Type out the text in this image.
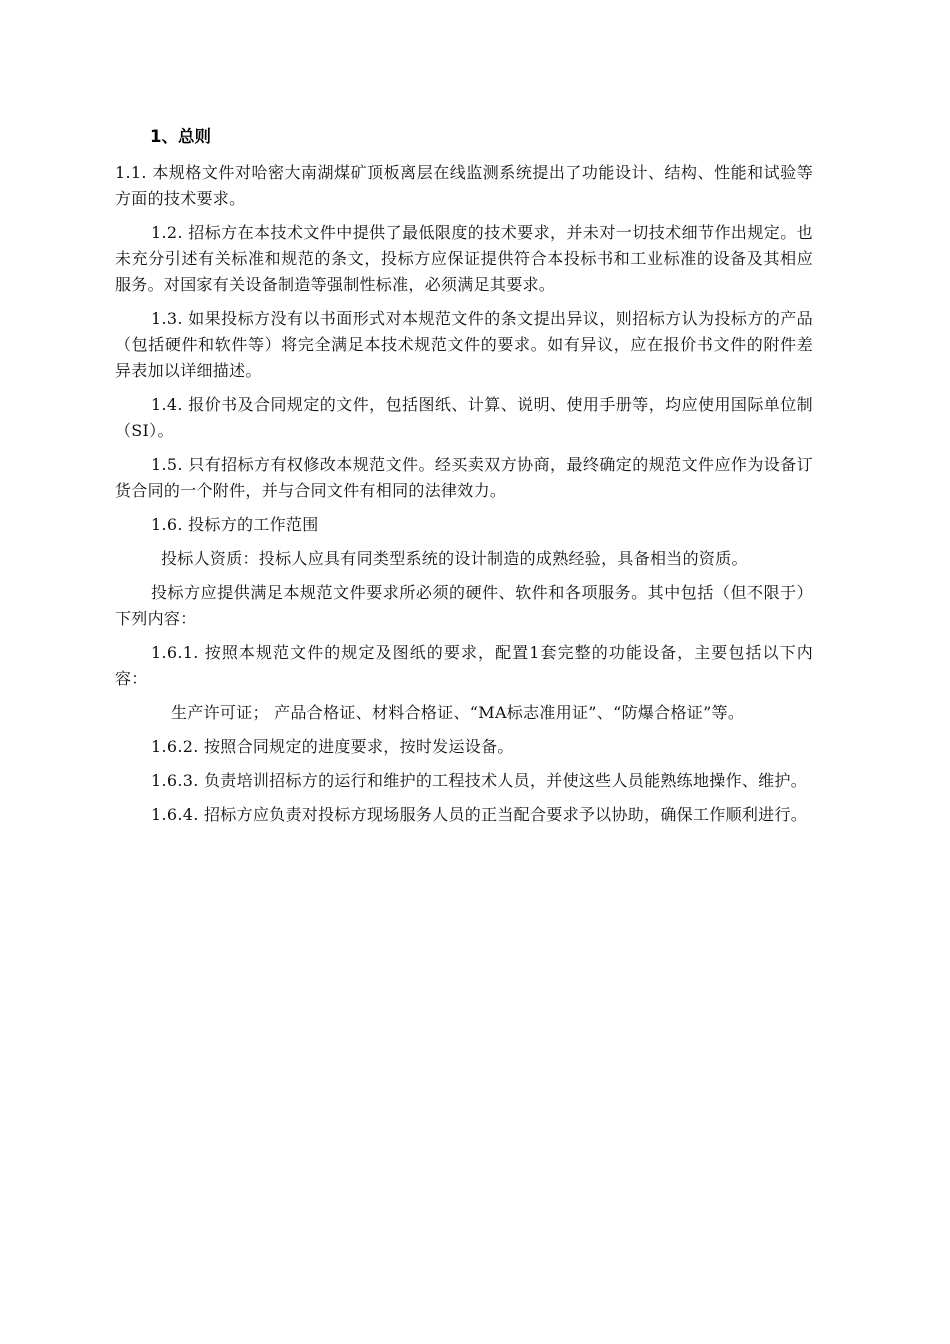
1、总则

1.1. 本规格文件对哈密大南湖煤矿顶板离层在线监测系统提出了功能设计、结构、性能和试验等方面的技术要求。

1.2. 招标方在本技术文件中提供了最低限度的技术要求，并未对一切技术细节作出规定。也未充分引述有关标准和规范的条文，投标方应保证提供符合本投标书和工业标准的设备及其相应服务。对国家有关设备制造等强制性标准，必须满足其要求。

1.3. 如果投标方没有以书面形式对本规范文件的条文提出异议，则招标方认为投标方的产品（包括硬件和软件等）将完全满足本技术规范文件的要求。如有异议，应在报价书文件的附件差异表加以详细描述。

1.4. 报价书及合同规定的文件，包括图纸、计算、说明、使用手册等，均应使用国际单位制（SI）。

1.5. 只有招标方有权修改本规范文件。经买卖双方协商，最终确定的规范文件应作为设备订货合同的一个附件，并与合同文件有相同的法律效力。

1.6. 投标方的工作范围

投标人资质：投标人应具有同类型系统的设计制造的成熟经验，具备相当的资质。

投标方应提供满足本规范文件要求所必须的硬件、软件和各项服务。其中包括（但不限于）下列内容：

1.6.1. 按照本规范文件的规定及图纸的要求，配置1套完整的功能设备，主要包括以下内容：

生产许可证； 产品合格证、材料合格证、“MA标志准用证”、“防爆合格证”等。

1.6.2. 按照合同规定的进度要求，按时发运设备。

1.6.3. 负责培训招标方的运行和维护的工程技术人员，并使这些人员能熟练地操作、维护。

1.6.4. 招标方应负责对投标方现场服务人员的正当配合要求予以协助，确保工作顺利进行。
